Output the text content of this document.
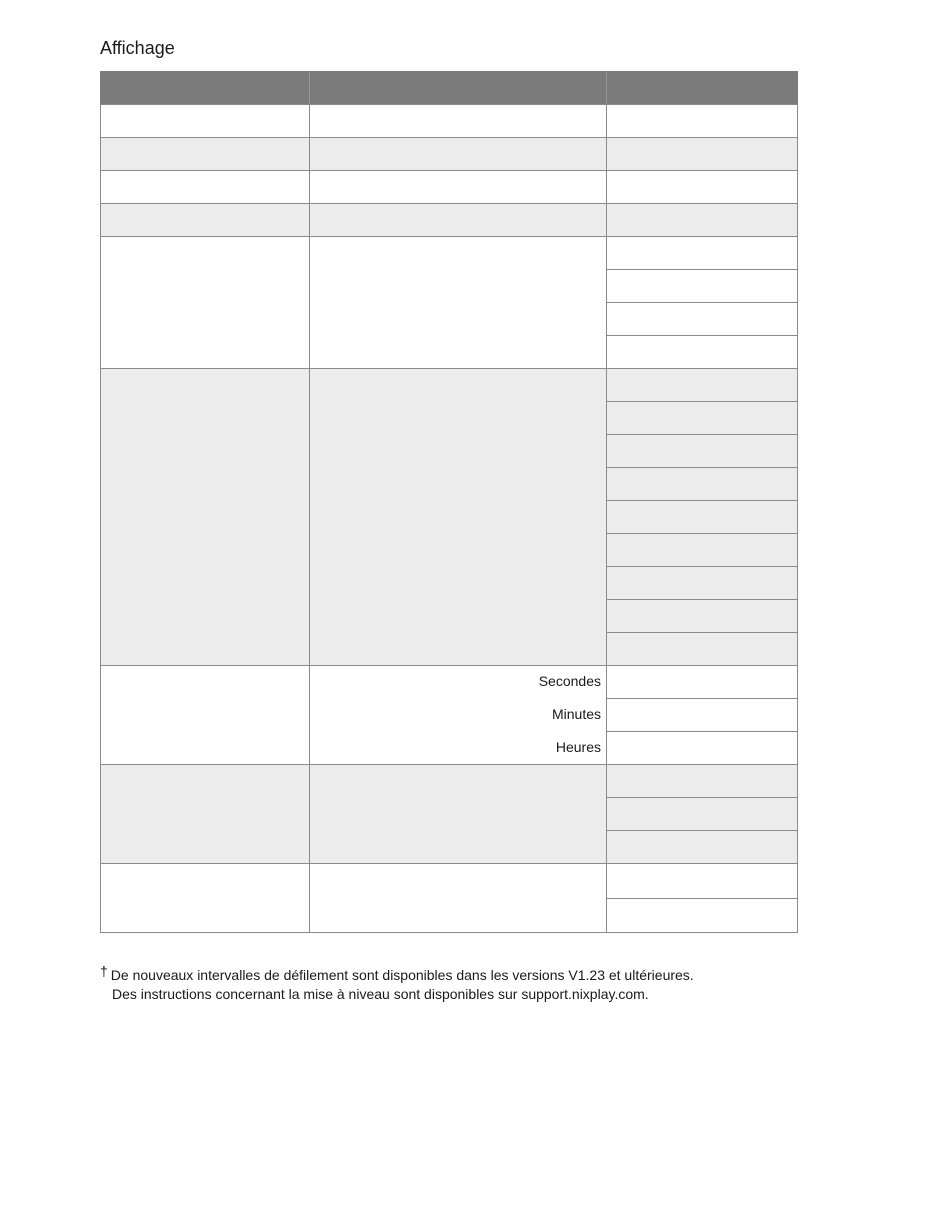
Affichage
Secondes
Minutes
Heures
† De nouveaux intervalles de défilement sont disponibles dans les versions V1.23 et ultérieures.
Des instructions concernant la mise à niveau sont disponibles sur support.nixplay.com.
